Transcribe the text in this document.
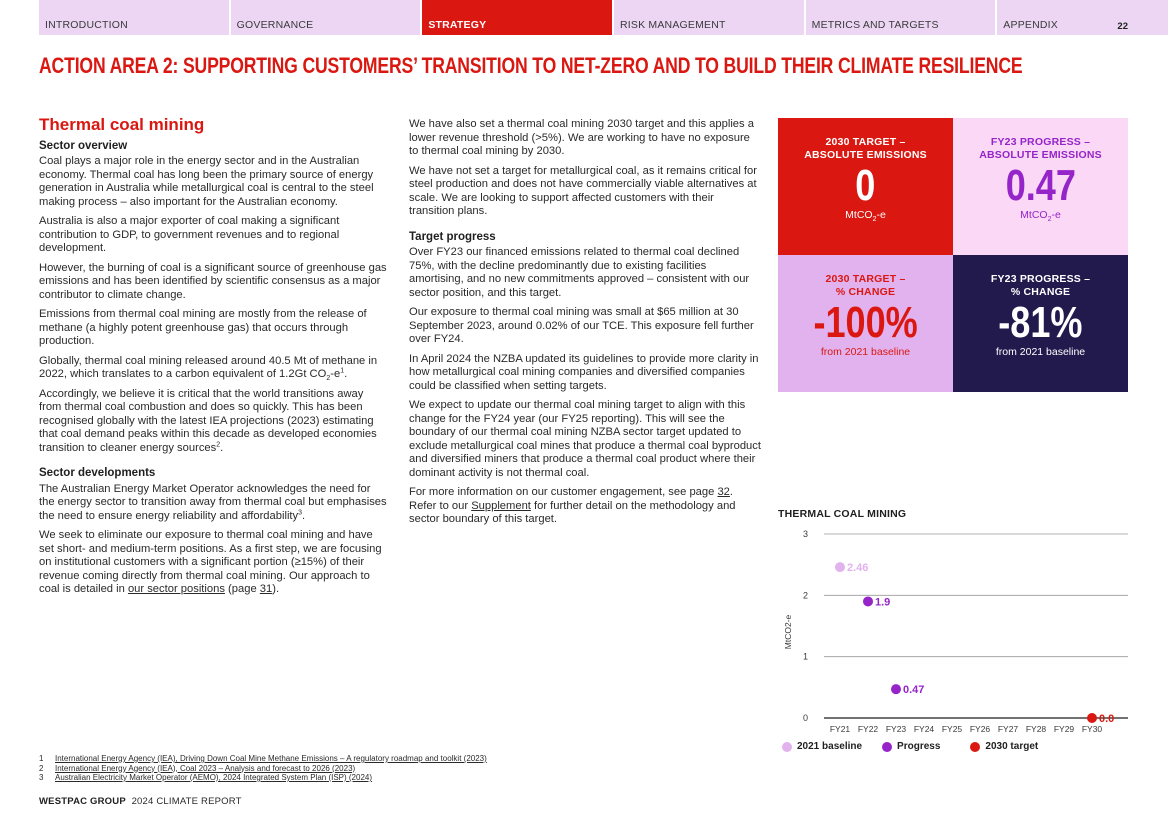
INTRODUCTION	GOVERNANCE	STRATEGY	RISK MANAGEMENT	METRICS AND TARGETS	APPENDIX	22
ACTION AREA 2: SUPPORTING CUSTOMERS’ TRANSITION TO NET-ZERO AND TO BUILD THEIR CLIMATE RESILIENCE
Thermal coal mining
Sector overview

Coal plays a major role in the energy sector and in the Australian economy. Thermal coal has long been the primary source of energy generation in Australia while metallurgical coal is central to the steel making process – also important for the Australian economy.

Australia is also a major exporter of coal making a significant contribution to GDP, to government revenues and to regional development.

However, the burning of coal is a significant source of greenhouse gas emissions and has been identified by scientific consensus as a major contributor to climate change.

Emissions from thermal coal mining are mostly from the release of methane (a highly potent greenhouse gas) that occurs through production.

Globally, thermal coal mining released around 40.5 Mt of methane in 2022, which translates to a carbon equivalent of 1.2Gt $CO_2-e^1$.

Accordingly, we believe it is critical that the world transitions away from thermal coal combustion and does so quickly. This has been recognised globally with the latest IEA projections (2023) estimating that coal demand peaks within this decade as developed economies transition to cleaner energy sources$^2$.

Sector developments

The Australian Energy Market Operator acknowledges the need for the energy sector to transition away from thermal coal but emphasises the need to ensure energy reliability and affordability$^3$.

We seek to eliminate our exposure to thermal coal mining and have set short- and medium-term positions. As a first step, we are focusing on institutional customers with a significant portion (≥15%) of their revenue coming directly from thermal coal mining. Our approach to coal is detailed in our sector positions (page 31).

We have also set a thermal coal mining 2030 target and this applies a lower revenue threshold (>5%). We are working to have no exposure to thermal coal mining by 2030.

We have not set a target for metallurgical coal, as it remains critical for steel production and does not have commercially viable alternatives at scale. We are looking to support affected customers with their transition plans.

Target progress

Over FY23 our financed emissions related to thermal coal declined 75%, with the decline predominantly due to existing facilities amortising, and no new commitments approved – consistent with our sector position, and this target.

Our exposure to thermal coal mining was small at $65 million at 30 September 2023, around 0.02% of our TCE. This exposure fell further over FY24.

In April 2024 the NZBA updated its guidelines to provide more clarity in how metallurgical coal mining companies and diversified companies could be classified when setting targets.

We expect to update our thermal coal mining target to align with this change for the FY24 year (our FY25 reporting). This will see the boundary of our thermal coal mining NZBA sector target updated to exclude metallurgical coal mines that produce a thermal coal byproduct and diversified miners that produce a thermal coal product where their dominant activity is not thermal coal.

For more information on our customer engagement, see page 32. Refer to our Supplement for further detail on the methodology and sector boundary of this target.

2030 TARGET –
ABSOLUTE EMISSIONS
0
MtCO$_2$-e
FY23 PROGRESS –
ABSOLUTE EMISSIONS
0.47
MtCO$_2$-e
2030 TARGET –
% CHANGE
-100%
from 2021 baseline
FY23 PROGRESS –
% CHANGE
-81%
from 2021 baseline
THERMAL COAL MINING
0
1
2
3
FY21 FY22 FY23 FY24 FY25 FY26 FY27 FY28 FY29 FY30
MtCO2-e
2.46
1.9
0.47
0.0
2021 baseline	Progress	2030 target
1	International Energy Agency (IEA), Driving Down Coal Mine Methane Emissions – A regulatory roadmap and toolkit (2023)
2	International Energy Agency (IEA), Coal 2023 – Analysis and forecast to 2026 (2023)
3	Australian Electricity Market Operator (AEMO), 2024 Integrated System Plan (ISP) (2024)
WESTPAC GROUP 2024 CLIMATE REPORT
